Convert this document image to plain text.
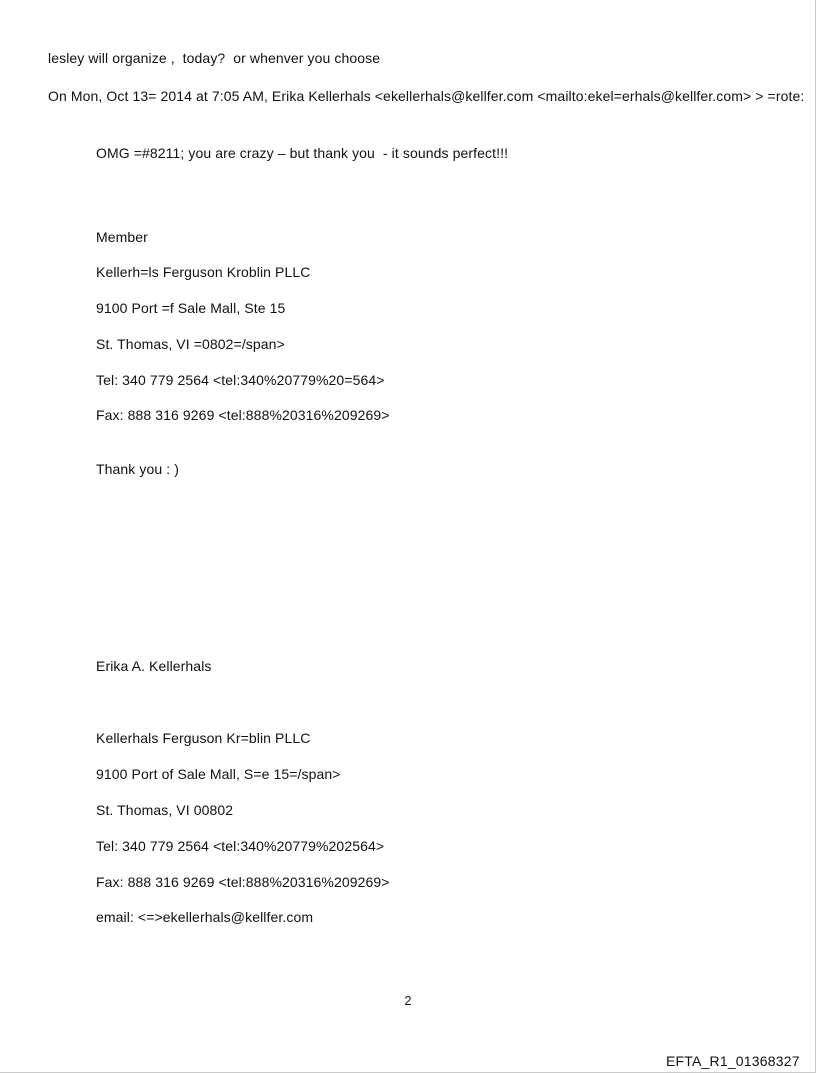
lesley will organize ,  today?  or whenver you choose
On Mon, Oct 13= 2014 at 7:05 AM, Erika Kellerhals <ekellerhals@kellfer.com <mailto:ekel=erhals@kellfer.com> > =rote:
OMG =#8211; you are crazy – but thank you  - it sounds perfect!!!
Member
Kellerh=ls Ferguson Kroblin PLLC
9100 Port =f Sale Mall, Ste 15
St. Thomas, VI =0802=/span>
Tel: 340 779 2564 <tel:340%20779%20=564>
Fax: 888 316 9269 <tel:888%20316%209269>
Thank you : )
Erika A. Kellerhals
Kellerhals Ferguson Kr=blin PLLC
9100 Port of Sale Mall, S=e 15=/span>
St. Thomas, VI 00802
Tel: 340 779 2564 <tel:340%20779%202564>
Fax: 888 316 9269 <tel:888%20316%209269>
email: <=>ekellerhals@kellfer.com
2
EFTA_R1_01368327
